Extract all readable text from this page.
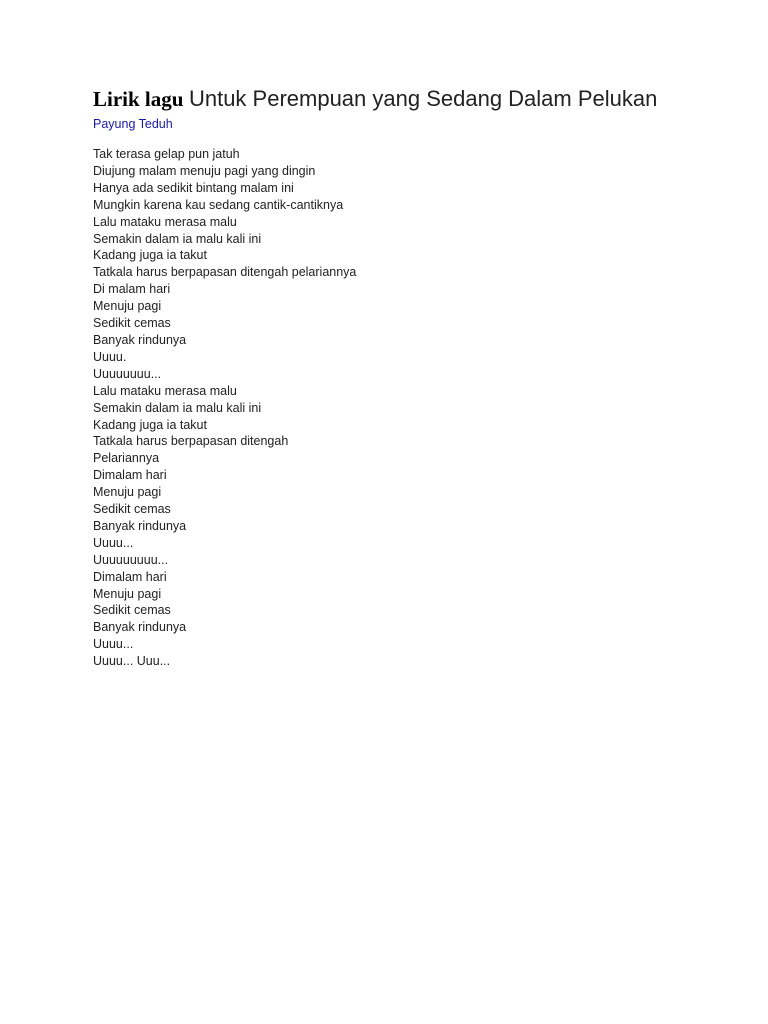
Lirik lagu Untuk Perempuan yang Sedang Dalam Pelukan
Payung Teduh
Tak terasa gelap pun jatuh
Diujung malam menuju pagi yang dingin
Hanya ada sedikit bintang malam ini
Mungkin karena kau sedang cantik-cantiknya
Lalu mataku merasa malu
Semakin dalam ia malu kali ini
Kadang juga ia takut
Tatkala harus berpapasan ditengah pelariannya
Di malam hari
Menuju pagi
Sedikit cemas
Banyak rindunya
Uuuu.
Uuuuuuuu...
Lalu mataku merasa malu
Semakin dalam ia malu kali ini
Kadang juga ia takut
Tatkala harus berpapasan ditengah
Pelariannya
Dimalam hari
Menuju pagi
Sedikit cemas
Banyak rindunya
Uuuu...
Uuuuuuuuu...
Dimalam hari
Menuju pagi
Sedikit cemas
Banyak rindunya
Uuuu...
Uuuu... Uuu...
